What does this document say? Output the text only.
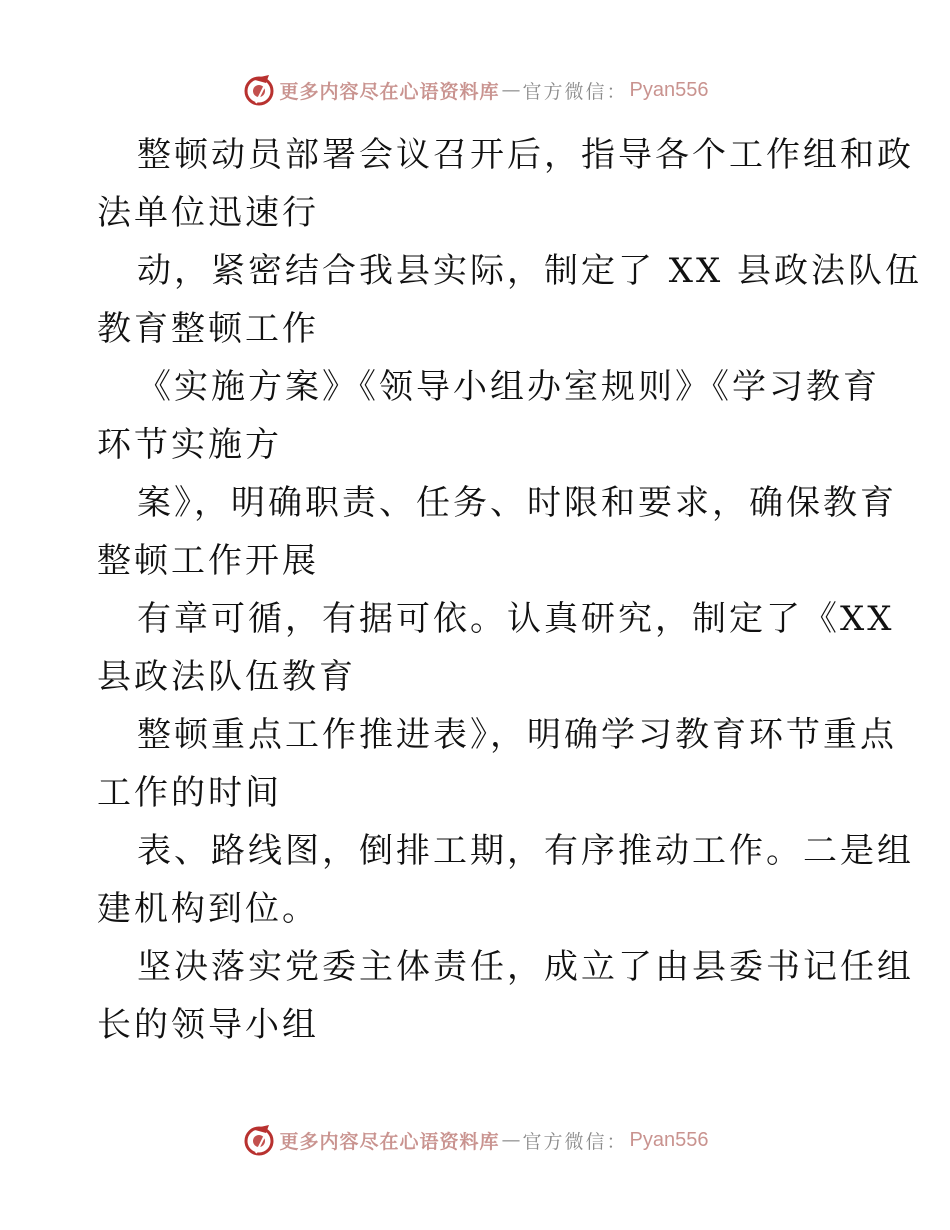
更多内容尽在心语资料库 — 官方微信： Pyan556

整顿动员部署会议召开后，指导各个工作组和政
法单位迅速行

动，紧密结合我县实际，制定了 XX 县政法队伍
教育整顿工作

《实施方案》《领导小组办室规则》《学习教育
环节实施方

案》，明确职责、任务、时限和要求，确保教育
整顿工作开展

有章可循，有据可依。认真研究，制定了《XX
县政法队伍教育

整顿重点工作推进表》，明确学习教育环节重点
工作的时间

表、路线图，倒排工期，有序推动工作。二是组
建机构到位。

坚决落实党委主体责任，成立了由县委书记任组
长的领导小组

更多内容尽在心语资料库 — 官方微信： Pyan556
